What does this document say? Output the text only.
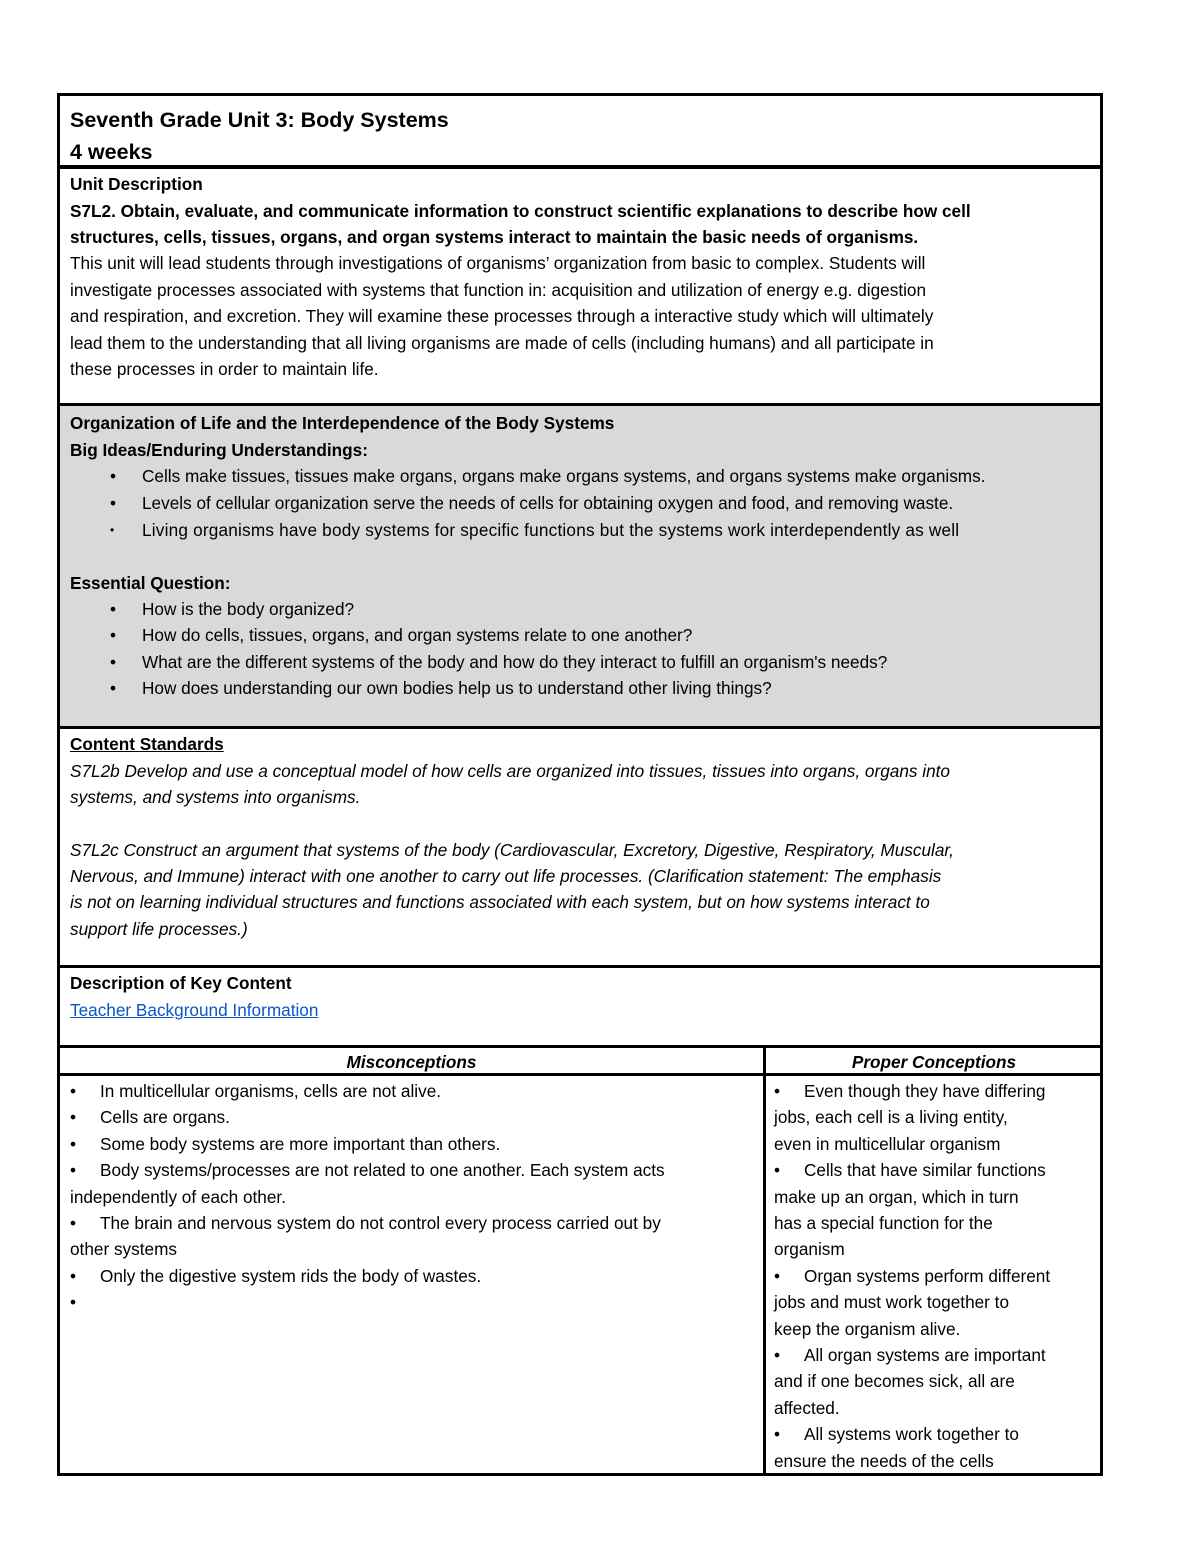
Seventh Grade Unit 3: Body Systems
4 weeks
Unit Description
S7L2. Obtain, evaluate, and communicate information to construct scientific explanations to describe how cell
structures, cells, tissues, organs, and organ systems interact to maintain the basic needs of organisms.
This unit will lead students through investigations of organisms’ organization from basic to complex. Students will
investigate processes associated with systems that function in: acquisition and utilization of energy e.g. digestion
and respiration, and excretion. They will examine these processes through a interactive study which will ultimately
lead them to the understanding that all living organisms are made of cells (including humans) and all participate in
these processes in order to maintain life.
Organization of Life and the Interdependence of the Body Systems
Big Ideas/Enduring Understandings:
• Cells make tissues, tissues make organs, organs make organs systems, and organs systems make organisms.
• Levels of cellular organization serve the needs of cells for obtaining oxygen and food, and removing waste.
• Living organisms have body systems for specific functions but the systems work interdependently as well
Essential Question:
• How is the body organized?
• How do cells, tissues, organs, and organ systems relate to one another?
• What are the different systems of the body and how do they interact to fulfill an organism's needs?
• How does understanding our own bodies help us to understand other living things?
Content Standards
S7L2b Develop and use a conceptual model of how cells are organized into tissues, tissues into organs, organs into
systems, and systems into organisms.
S7L2c Construct an argument that systems of the body (Cardiovascular, Excretory, Digestive, Respiratory, Muscular,
Nervous, and Immune) interact with one another to carry out life processes. (Clarification statement: The emphasis
is not on learning individual structures and functions associated with each system, but on how systems interact to
support life processes.)
Description of Key Content
Teacher Background Information
Misconceptions	Proper Conceptions
• In multicellular organisms, cells are not alive.
• Cells are organs.
• Some body systems are more important than others.
• Body systems/processes are not related to one another. Each system acts
independently of each other.
• The brain and nervous system do not control every process carried out by
other systems
• Only the digestive system rids the body of wastes.
•
• Even though they have differing
jobs, each cell is a living entity,
even in multicellular organism
• Cells that have similar functions
make up an organ, which in turn
has a special function for the
organism
• Organ systems perform different
jobs and must work together to
keep the organism alive.
• All organ systems are important
and if one becomes sick, all are
affected.
• All systems work together to
ensure the needs of the cells
